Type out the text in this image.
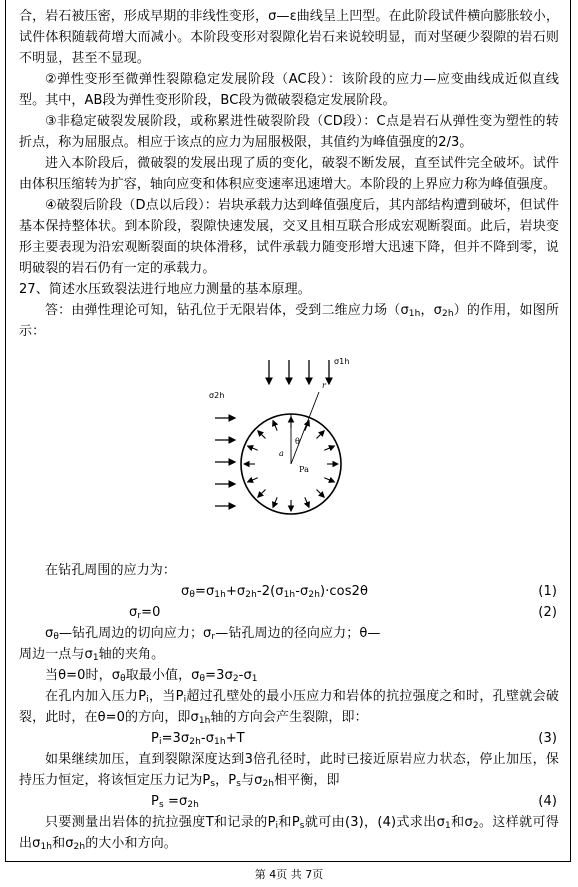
合，岩石被压密，形成早期的非线性变形，σ—ε曲线呈上凹型。在此阶段试件横向膨胀较小，试件体积随载荷增大而减小。本阶段变形对裂隙化岩石来说较明显，而对坚硬少裂隙的岩石则不明显，甚至不显现。

②弹性变形至微弹性裂隙稳定发展阶段（AC段）：该阶段的应力—应变曲线成近似直线型。其中，AB段为弹性变形阶段，BC段为微破裂稳定发展阶段。

③非稳定破裂发展阶段，或称累进性破裂阶段（CD段）：C点是岩石从弹性变为塑性的转折点，称为屈服点。相应于该点的应力为屈服极限，其值约为峰值强度的2/3。

进入本阶段后，微破裂的发展出现了质的变化，破裂不断发展，直至试件完全破坏。试件由体积压缩转为扩容，轴向应变和体积应变速率迅速增大。本阶段的上界应力称为峰值强度。

④破裂后阶段（D点以后段）：岩块承载力达到峰值强度后，其内部结构遭到破坏，但试件基本保持整体状。到本阶段，裂隙快速发展，交叉且相互联合形成宏观断裂面。此后，岩块变形主要表现为沿宏观断裂面的块体滑移，试件承载力随变形增大迅速下降，但并不降到零，说明破裂的岩石仍有一定的承载力。

27、简述水压致裂法进行地应力测量的基本原理。

答：由弹性理论可知，钻孔位于无限岩体，受到二维应力场（$\sigma_{1h}$，$\sigma_{2h}$）的作用，如图所示：

σ1h
σ2h
a
θ
r
Pa

在钻孔周围的应力为：

$\sigma_\theta=\sigma_{1h}+\sigma_{2h}-2(\sigma_{1h}-\sigma_{2h})\cdot\cos 2\theta$	(1)
$\sigma_r=0$	(2)

$\sigma_\theta—$钻孔周边的切向应力；$\sigma_r—$钻孔周边的径向应力；θ—

周边一点与$\sigma_1$轴的夹角。

当θ=0时，$\sigma_\theta$取最小值，$\sigma_\theta=3\sigma_2-\sigma_1$

在孔内加入压力$P_i$，当$P_i$超过孔壁处的最小压应力和岩体的抗拉强度之和时，孔壁就会破裂，此时，在θ=0的方向，即$\sigma_{1h}$轴的方向会产生裂隙，即：

$P_i=3\sigma_{2h}-\sigma_{1h}+T$	(3)

如果继续加压，直到裂隙深度达到3倍孔径时，此时已接近原岩应力状态，停止加压，保持压力恒定，将该恒定压力记为$P_s$，$P_s$与$\sigma_{2h}$相平衡，即

$P_s =\sigma_{2h}$	(4)

只要测量出岩体的抗拉强度T和记录的$P_i$和$P_s$就可由(3)，(4)式求出$\sigma_1$和$\sigma_2$。这样就可得出$\sigma_{1h}$和$\sigma_{2h}$的大小和方向。

第 4页 共 7页
